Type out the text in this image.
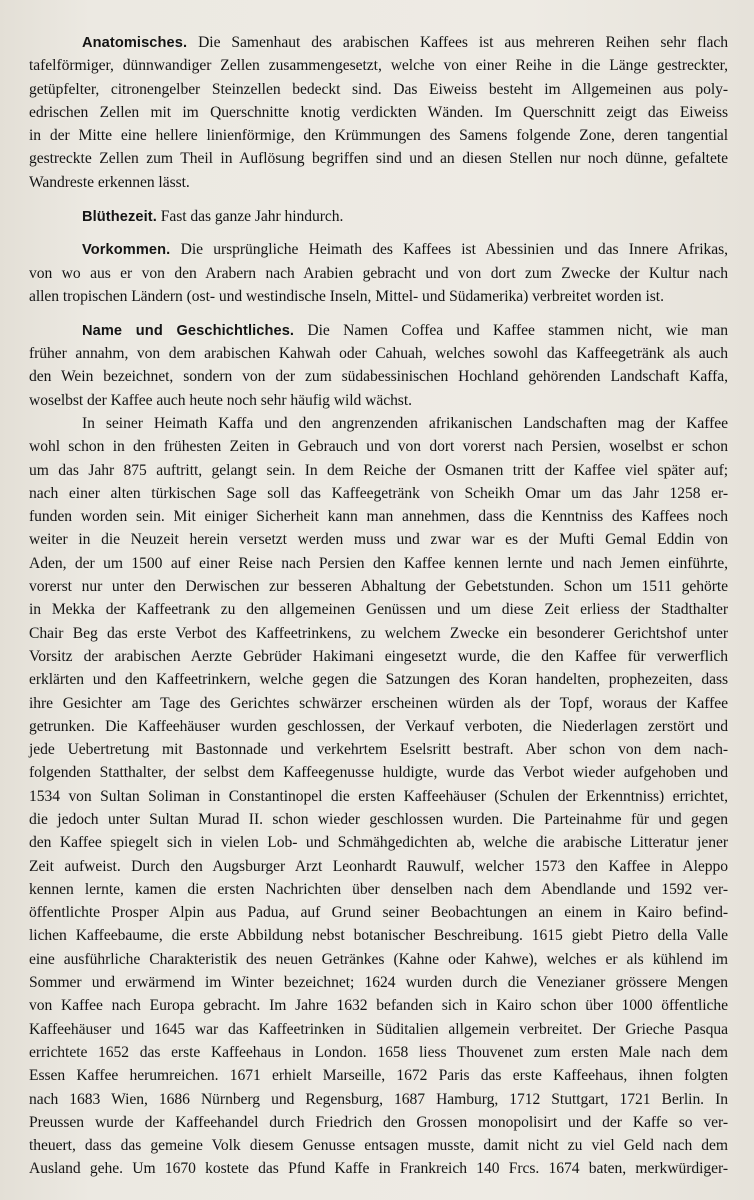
Anatomisches. Die Samenhaut des arabischen Kaffees ist aus mehreren Reihen sehr flach
tafelförmiger, dünnwandiger Zellen zusammengesetzt, welche von einer Reihe in die Länge gestreckter,
getüpfelter, citronengelber Steinzellen bedeckt sind. Das Eiweiss besteht im Allgemeinen aus poly-
edrischen Zellen mit im Querschnitte knotig verdickten Wänden. Im Querschnitt zeigt das Eiweiss
in der Mitte eine hellere linienförmige, den Krümmungen des Samens folgende Zone, deren tangential
gestreckte Zellen zum Theil in Auflösung begriffen sind und an diesen Stellen nur noch dünne, gefaltete
Wandreste erkennen lässt.
Blüthezeit. Fast das ganze Jahr hindurch.
Vorkommen. Die ursprüngliche Heimath des Kaffees ist Abessinien und das Innere Afrikas,
von wo aus er von den Arabern nach Arabien gebracht und von dort zum Zwecke der Kultur nach
allen tropischen Ländern (ost- und westindische Inseln, Mittel- und Südamerika) verbreitet worden ist.
Name und Geschichtliches. Die Namen Coffea und Kaffee stammen nicht, wie man
früher annahm, von dem arabischen Kahwah oder Cahuah, welches sowohl das Kaffeegetränk als auch
den Wein bezeichnet, sondern von der zum südabessinischen Hochland gehörenden Landschaft Kaffa,
woselbst der Kaffee auch heute noch sehr häufig wild wächst.
In seiner Heimath Kaffa und den angrenzenden afrikanischen Landschaften mag der Kaffee
wohl schon in den frühesten Zeiten in Gebrauch und von dort vorerst nach Persien, woselbst er schon
um das Jahr 875 auftritt, gelangt sein. In dem Reiche der Osmanen tritt der Kaffee viel später auf;
nach einer alten türkischen Sage soll das Kaffeegetränk von Scheikh Omar um das Jahr 1258 er-
funden worden sein. Mit einiger Sicherheit kann man annehmen, dass die Kenntniss des Kaffees noch
weiter in die Neuzeit herein versetzt werden muss und zwar war es der Mufti Gemal Eddin von
Aden, der um 1500 auf einer Reise nach Persien den Kaffee kennen lernte und nach Jemen einführte,
vorerst nur unter den Derwischen zur besseren Abhaltung der Gebetstunden. Schon um 1511 gehörte
in Mekka der Kaffeetrank zu den allgemeinen Genüssen und um diese Zeit erliess der Stadthalter
Chair Beg das erste Verbot des Kaffeetrinkens, zu welchem Zwecke ein besonderer Gerichtshof unter
Vorsitz der arabischen Aerzte Gebrüder Hakimani eingesetzt wurde, die den Kaffee für verwerflich
erklärten und den Kaffeetrinkern, welche gegen die Satzungen des Koran handelten, prophezeiten, dass
ihre Gesichter am Tage des Gerichtes schwärzer erscheinen würden als der Topf, woraus der Kaffee
getrunken. Die Kaffeehäuser wurden geschlossen, der Verkauf verboten, die Niederlagen zerstört und
jede Uebertretung mit Bastonnade und verkehrtem Eselsritt bestraft. Aber schon von dem nach-
folgenden Statthalter, der selbst dem Kaffeegenusse huldigte, wurde das Verbot wieder aufgehoben und
1534 von Sultan Soliman in Constantinopel die ersten Kaffeehäuser (Schulen der Erkenntniss) errichtet,
die jedoch unter Sultan Murad II. schon wieder geschlossen wurden. Die Parteinahme für und gegen
den Kaffee spiegelt sich in vielen Lob- und Schmähgedichten ab, welche die arabische Litteratur jener
Zeit aufweist. Durch den Augsburger Arzt Leonhardt Rauwulf, welcher 1573 den Kaffee in Aleppo
kennen lernte, kamen die ersten Nachrichten über denselben nach dem Abendlande und 1592 ver-
öffentlichte Prosper Alpin aus Padua, auf Grund seiner Beobachtungen an einem in Kairo befind-
lichen Kaffeebaume, die erste Abbildung nebst botanischer Beschreibung. 1615 giebt Pietro della Valle
eine ausführliche Charakteristik des neuen Getränkes (Kahne oder Kahwe), welches er als kühlend im
Sommer und erwärmend im Winter bezeichnet; 1624 wurden durch die Venezianer grössere Mengen
von Kaffee nach Europa gebracht. Im Jahre 1632 befanden sich in Kairo schon über 1000 öffentliche
Kaffeehäuser und 1645 war das Kaffeetrinken in Süditalien allgemein verbreitet. Der Grieche Pasqua
errichtete 1652 das erste Kaffeehaus in London. 1658 liess Thouvenet zum ersten Male nach dem
Essen Kaffee herumreichen. 1671 erhielt Marseille, 1672 Paris das erste Kaffeehaus, ihnen folgten
nach 1683 Wien, 1686 Nürnberg und Regensburg, 1687 Hamburg, 1712 Stuttgart, 1721 Berlin. In
Preussen wurde der Kaffeehandel durch Friedrich den Grossen monopolisirt und der Kaffe so ver-
theuert, dass das gemeine Volk diesem Genusse entsagen musste, damit nicht zu viel Geld nach dem
Ausland gehe. Um 1670 kostete das Pfund Kaffe in Frankreich 140 Frcs. 1674 baten, merkwürdiger-
